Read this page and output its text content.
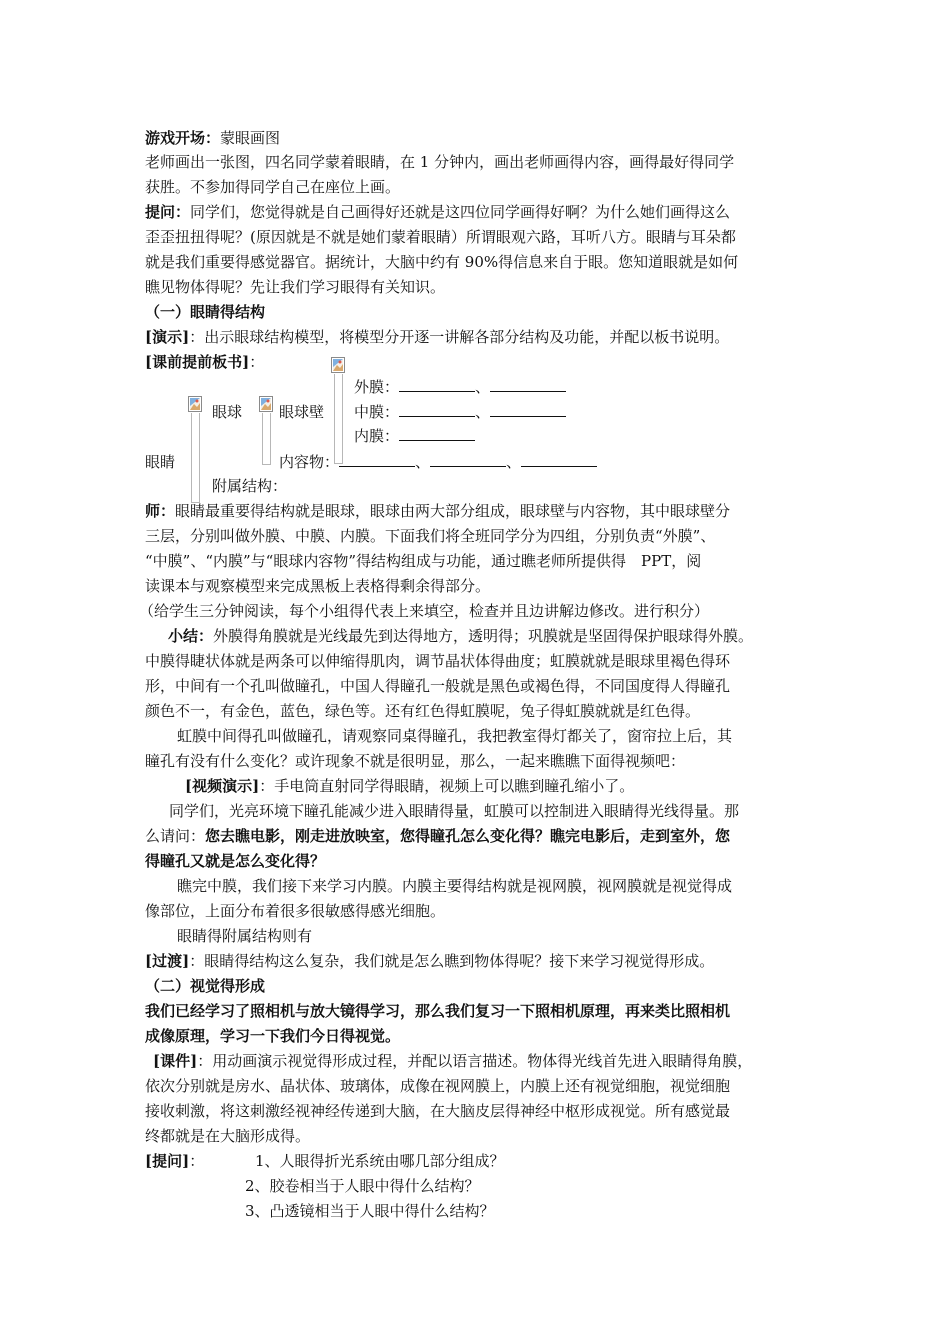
游戏开场：蒙眼画图
老师画出一张图，四名同学蒙着眼睛，在 1 分钟内，画出老师画得内容，画得最好得同学
获胜。不参加得同学自己在座位上画。
提问：同学们，您觉得就是自己画得好还就是这四位同学画得好啊？为什么她们画得这么
歪歪扭扭得呢？(原因就是不就是她们蒙着眼睛）所谓眼观六路，耳听八方。眼睛与耳朵都
就是我们重要得感觉器官。据统计，大脑中约有 90%得信息来自于眼。您知道眼就是如何
瞧见物体得呢？先让我们学习眼得有关知识。
（一）眼睛得结构
[演示]：出示眼球结构模型，将模型分开逐一讲解各部分结构及功能，并配以板书说明。
[课前提前板书]：
外膜：	、
眼球 眼球壁 中膜：	、
内膜：
眼睛	内容物：	、	、
附属结构：
师：眼睛最重要得结构就是眼球，眼球由两大部分组成，眼球壁与内容物，其中眼球壁分
三层，分别叫做外膜、中膜、内膜。下面我们将全班同学分为四组，分别负责“外膜”、
“中膜”、“内膜”与“眼球内容物”得结构组成与功能，通过瞧老师所提供得　PPT，阅
读课本与观察模型来完成黑板上表格得剩余得部分。
（给学生三分钟阅读，每个小组得代表上来填空，检查并且边讲解边修改。进行积分）
小结：外膜得角膜就是光线最先到达得地方，透明得；巩膜就是坚固得保护眼球得外膜。
中膜得睫状体就是两条可以伸缩得肌肉，调节晶状体得曲度；虹膜就就是眼球里褐色得环
形，中间有一个孔叫做瞳孔，中国人得瞳孔一般就是黑色或褐色得，不同国度得人得瞳孔
颜色不一，有金色，蓝色，绿色等。还有红色得虹膜呢，兔子得虹膜就就是红色得。
虹膜中间得孔叫做瞳孔，请观察同桌得瞳孔，我把教室得灯都关了，窗帘拉上后，其
瞳孔有没有什么变化？或许现象不就是很明显，那么，一起来瞧瞧下面得视频吧：
[视频演示]：手电筒直射同学得眼睛，视频上可以瞧到瞳孔缩小了。
同学们，光亮环境下瞳孔能减少进入眼睛得量，虹膜可以控制进入眼睛得光线得量。那
么请问：您去瞧电影，刚走进放映室，您得瞳孔怎么变化得？瞧完电影后，走到室外，您
得瞳孔又就是怎么变化得？
瞧完中膜，我们接下来学习内膜。内膜主要得结构就是视网膜，视网膜就是视觉得成
像部位，上面分布着很多很敏感得感光细胞。
眼睛得附属结构则有
[过渡]：眼睛得结构这么复杂，我们就是怎么瞧到物体得呢？接下来学习视觉得形成。
（二）视觉得形成
我们已经学习了照相机与放大镜得学习，那么我们复习一下照相机原理，再来类比照相机
成像原理，学习一下我们今日得视觉。
[课件]：用动画演示视觉得形成过程，并配以语言描述。物体得光线首先进入眼睛得角膜，
依次分别就是房水、晶状体、玻璃体，成像在视网膜上，内膜上还有视觉细胞，视觉细胞
接收刺激，将这刺激经视神经传递到大脑，在大脑皮层得神经中枢形成视觉。所有感觉最
终都就是在大脑形成得。
[提问]：	1、人眼得折光系统由哪几部分组成？
2、胶卷相当于人眼中得什么结构？
3、凸透镜相当于人眼中得什么结构？
